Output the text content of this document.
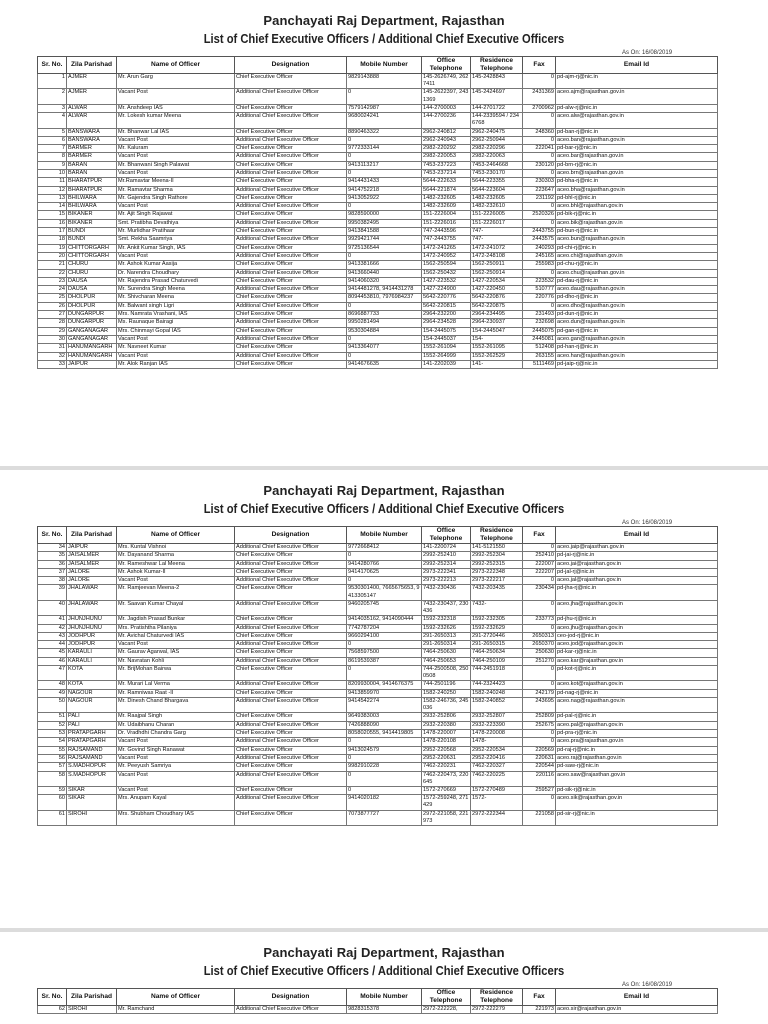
Panchayati Raj Department, Rajasthan
List of Chief Executive Officers / Additional Chief Executive Officers
As On: 16/08/2019
Sr. No.	Zila Parishad	Name of Officer	Designation	Mobile Number	Office Telephone	Residence Telephone	Fax	Email Id
1	AJMER	Mr. Arun Garg	Chief Executive Officer	9829143888	145-2626749, 2627411	145-2428843	0	pd-ajm-rj@nic.in
2	AJMER	Vacant Post	Additional Chief Executive Officer	0	145-2622397, 2431369	145-2424697	2431369	aceo.ajm@rajasthan.gov.in
3	ALWAR	Mr. Anshdeep IAS	Chief Executive Officer	7579142987	144-2700003	144-2701722	2700962	pd-alw-rj@nic.in
4	ALWAR	Mr. Lokesh kumar Meena	Additional Chief Executive Officer	9680024241	144-2700236	144-2339594 / 2346768	0	aceo.alw@rajasthan.gov.in
5	BANSWARA	Mr. Bhanwar Lal IAS	Chief Executive Officer	8890463322	2962-240812	2962-240475	248360	pd-ban-rj@nic.in
6	BANSWARA	Vacant Post	Additional Chief Executive Officer	0	2962-240943	2962-250944	0	aceo.ban@rajasthan.gov.in
7	BARMER	Mr. Kaluram	Chief Executive Officer	9772333144	2982-220292	2982-220296	222041	pd-bar-rj@nic.in
8	BARMER	Vacant Post	Additional Chief Executive Officer	0	2982-220053	2982-220063	0	aceo.bar@rajasthan.gov.in
9	BARAN	Mr. Bhanwani Singh Palawat	Chief Executive Officer	9413113217	7453-237223	7453-2464668	230120	pd-brn-rj@nic.in
10	BARAN	Vacant Post	Additional Chief Executive Officer	0	7453-237214	7453-230170	0	aceo.brn@rajasthan.gov.in
11	BHARATPUR	Mr.Ramavtar Meena-II	Chief Executive Officer	9414431433	5644-222633	5644-223355	230303	pd-bha-rj@nic.in
12	BHARATPUR	Mr. Ramavtar Sharma	Additional Chief Executive Officer	9414752218	5644-221874	5644-223604	223647	aceo.bha@rajasthan.gov.in
13	BHILWARA	Mr. Gajendra Singh Rathore	Chief Executive Officer	9413052922	1482-232605	1482-232605	231192	pd-bhl-rj@nic.in
14	BHILWARA	Vacant Post	Additional Chief Executive Officer	0	1482-232609	1482-232610	0	aceo.bhl@rajasthan.gov.in
15	BIKANER	Mr. Ajit Singh Rajawat	Chief Executive Officer	9828590000	151-2226004	151-2226005	2520326	pd-bik-rj@nic.in
16	BIKANER	Smt. Pratibha Devathiya	Additional Chief Executive Officer	9950382495	151-2226016	151-2226017	0	aceo.bik@rajasthan.gov.in
17	BUNDI	Mr. Murlidhar Pratihaar	Chief Executive Officer	9413841588	747-2443596	747-	2443755	pd-bun-rj@nic.in
18	BUNDI	Smt. Rekha Saamriya	Additional Chief Executive Officer	9929421744	747-2443755	747-	2443575	aceo.bun@rajasthan.gov.in
19	CHITTORGARH	Mr. Ankit Kumar Singh, IAS	Chief Executive Officer	9725136544	1472-241265	1472-241072	240293	pd-chi-rj@nic.in
20	CHITTORGARH	Vacant Post	Additional Chief Executive Officer	0	1472-240952	1472-248108	245165	aceo.chi@rajasthan.gov.in
21	CHURU	Mr. Ashok Kumar Aasija	Chief Executive Officer	9413381666	1562-250594	1562-250911	255983	pd-chu-rj@nic.in
22	CHURU	Dr. Narendra Choudhary	Additional Chief Executive Officer	9413660440	1562-250432	1562-250914	0	aceo.chu@rajasthan.gov.in
23	DAUSA	Mr. Rajendra Prasad Chaturvedi	Chief Executive Officer	9414060320	1427-223532	1427-220534	223532	pd-dau-rj@nic.in
24	DAUSA	Mr. Surendra Singh Meena	Additional Chief Executive Officer	9414481278, 9414431278	1427-224900	1427-220450	510777	aceo.dau@rajasthan.gov.in
25	DHOLPUR	Mr. Shivcharan Meena	Chief Executive Officer	8094453810, 7976984237	5642-220776	5642-220876	220776	pd-dho-rj@nic.in
26	DHOLPUR	Mr. Balwant singh Ligri	Additional Chief Executive Officer	0	5642-220815	5642-220875	0	aceo.dho@rajasthan.gov.in
27	DUNGARPUR	Mrs. Namrata Vrashani, IAS	Chief Executive Officer	8696887733	2964-232200	2964-234495	231493	pd-dun-rj@nic.in
28	DUNGARPUR	Ms. Raunaque Bairagi	Additional Chief Executive Officer	9950281494	2964-234528	2964-230937	232698	aceo.dun@rajasthan.gov.in
29	GANGANAGAR	Mrs. Chinmayi Gopal IAS	Chief Executive Officer	9530304884	154-2445075	154-2445047	2445075	pd-gan-rj@nic.in
30	GANGANAGAR	Vacant Post	Additional Chief Executive Officer	0	154-2445037	154-	2445081	aceo.gan@rajasthan.gov.in
31	HANUMANGARH	Mr. Navneet Kumar	Chief Executive Officer	9413364077	1552-261094	1552-261095	512408	pd-han-rj@nic.in
32	HANUMANGARH	Vacant Post	Additional Chief Executive Officer	0	1552-264999	1552-262529	263155	aceo.han@rajasthan.gov.in
33	JAIPUR	Mr. Alok Ranjan IAS	Chief Executive Officer	9414676635	141-2202039	141-	5111469	pd-jaip-rj@nic.in
Panchayati Raj Department, Rajasthan
List of Chief Executive Officers / Additional Chief Executive Officers
As On: 16/08/2019
Sr. No.	Zila Parishad	Name of Officer	Designation	Mobile Number	Office Telephone	Residence Telephone	Fax	Email Id
34	JAIPUR	Mrs. Kuntal Vishnoi	Additional Chief Executive Officer	9772668412	141-2200724	141-5121550	0	aceo.jaip@rajasthan.gov.in
35	JAISALMER	Mr. Dayanand Sharma	Chief Executive Officer	0	2992-252410	2992-252304	252410	pd-jai-rj@nic.in
36	JAISALMER	Mr. Rameshwar Lal Meena	Additional Chief Executive Officer	9414280766	2992-252314	2992-252315	222007	aceo.jai@rajasthan.gov.in
37	JALORE	Mr. Ashok Kumar-II	Chief Executive Officer	9414170625	2973-222341	2973-222348	222207	pd-jal-rj@nic.in
38	JALORE	Vacant Post	Additional Chief Executive Officer	0	2973-222213	2973-222217	0	aceo.jal@rajasthan.gov.in
39	JHALAWAR	Mr. Ramjeevan Meena-2	Chief Executive Officer	9530301400, 7665675653, 9413305147	7432-230436	7432-203435	230434	pd-jha-rj@nic.in
40	JHALAWAR	Mr. Saavan Kumar Chayal	Additional Chief Executive Officer	9460205745	7432-230437, 230436	7432-	0	aceo.jha@rajasthan.gov.in
41	JHUNJHUNU	Mr. Jagdish Prasad Bunkar	Chief Executive Officer	9414035162, 9414090444	1592-232318	1592-232305	233773	pd-jhu-rj@nic.in
42	JHUNJHUNU	Mrs. Pratishtha Pilaniya	Additional Chief Executive Officer	7742787204	1592-232626	1592-232629	0	aceo.jhu@rajasthan.gov.in
43	JODHPUR	Mr. Avichal Chaturvedi IAS	Chief Executive Officer	9660294100	291-2650313	291-2720446	2650313	ceo-jod-rj@nic.in
44	JODHPUR	Vacant Post	Additional Chief Executive Officer	0	291-2650314	291-2650315	2650370	aceo.jod@rajasthan.gov.in
45	KARAULI	Mr. Gaurav Agarwal, IAS	Chief Executive Officer	7568597500	7464-250630	7464-250634	250630	pd-kar-rj@nic.in
46	KARAULI	Mr. Navratan Kohli	Additional Chief Executive Officer	8619539387	7464-250653	7464-250109	251270	aceo.kar@rajasthan.gov.in
47	KOTA	Mr. BrijMohan Bairwa	Chief Executive Officer	0	744-2500508, 2500508	744-2451918	0	pd-kot-rj@nic.in
48	KOTA	Mr. Murari Lal Verma	Additional Chief Executive Officer	8209930004, 9414676375	744-2501196	744-2324423	0	aceo.kot@rajasthan.gov.in
49	NAGOUR	Mr. Ramniwas Raat -II	Chief Executive Officer	9413859970	1582-240250	1582-240248	242179	pd-nag-rj@nic.in
50	NAGOUR	Mr. Dinesh Chand Bhargava	Additional Chief Executive Officer	9414542274	1582-246736, 245036	1582-240852	243695	aceo.nag@rajasthan.gov.in
51	PALI	Mr. Raajpal Singh	Chief Executive Officer	9649383003	2932-252806	2932-252807	252809	pd-pal-rj@nic.in
52	PALI	Mr. Udaibhanu Charan	Additional Chief Executive Officer	7426888090	2932-220380	2932-223390	252675	aceo.pal@rajasthan.gov.in
53	PRATAPGARH	Dr. Vradhdhi Chandra Garg	Chief Executive Officer	8058020555, 9414419805	1478-220007	1478-220008	0	pd-pra-rj@nic.in
54	PRATAPGARH	Vacant Post	Additional Chief Executive Officer	0	1478-220108	1478-	0	aceo.pra@rajasthan.gov.in
55	RAJSAMAND	Mr. Govind Singh Ranawat	Chief Executive Officer	9413024579	2952-220568	2952-220534	220569	pd-raj-rj@nic.in
56	RAJSAMAND	Vacant Post	Additional Chief Executive Officer	0	2952-220631	2952-220416	220631	aceo.raj@rajasthan.gov.in
57	S.MADHOPUR	Mr. Peeyush Samriya	Chief Executive Officer	9982910228	7462-220231	7462-220327	220544	pd-saw-rj@nic.in
58	S.MADHOPUR	Vacant Post	Additional Chief Executive Officer	0	7462-220473, 220645	7462-220225	220116	aceo.saw@rajasthan.gov.in
59	SIKAR	Vacant Post	Chief Executive Officer	0	1572-270669	1572-270489	259527	pd-sik-rj@nic.in
60	SIKAR	Mrs. Anupam Kayal	Additional Chief Executive Officer	9414020182	1572-259248, 271429	1572-	0	aceo.sik@rajasthan.gov.in
61	SIROHI	Mrs. Shubham Choudhary IAS	Chief Executive Officer	7073877727	2972-221058, 221973	2972-222344	221058	pd-sir-rj@nic.in
Panchayati Raj Department, Rajasthan
List of Chief Executive Officers / Additional Chief Executive Officers
As On: 16/08/2019
Sr. No.	Zila Parishad	Name of Officer	Designation	Mobile Number	Office Telephone	Residence Telephone	Fax	Email Id
62	SIROHI	Mr. Ramchand	Additional Chief Executive Officer	9828315378	2972-222228,	2972-222279	221973	aceo.sir@rajasthan.gov.in
